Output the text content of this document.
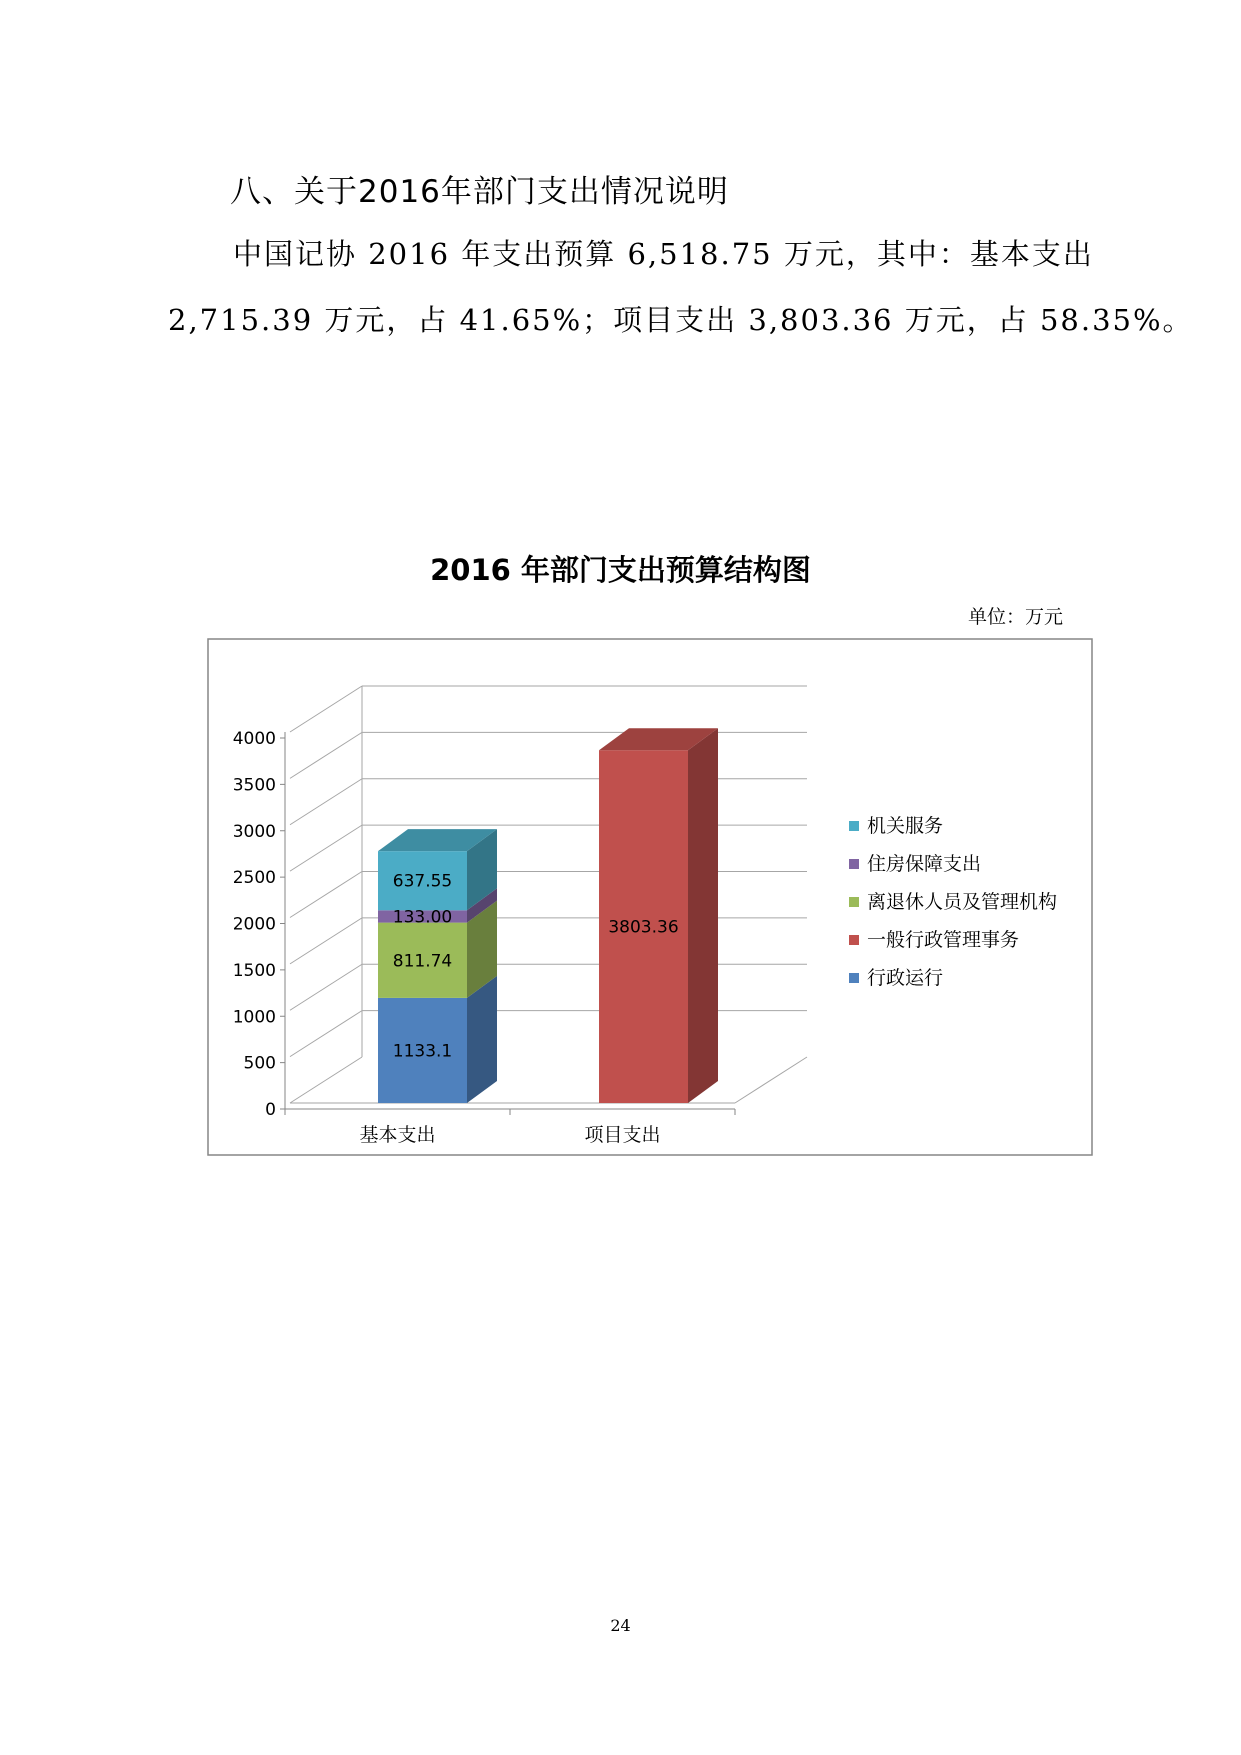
八、关于2016年部门支出情况说明
中国记协 2016 年支出预算 6,518.75 万元，其中：基本支出
2,715.39 万元，占 41.65%；项目支出 3,803.36 万元，占 58.35%。
2016 年部门支出预算结构图
单位：万元
0
500
1000
1500
2000
2500
3000
3500
4000
1133.1
811.74
133.00
637.55
基本支出
3803.36
项目支出
机关服务
住房保障支出
离退休人员及管理机构
一般行政管理事务
行政运行
24
